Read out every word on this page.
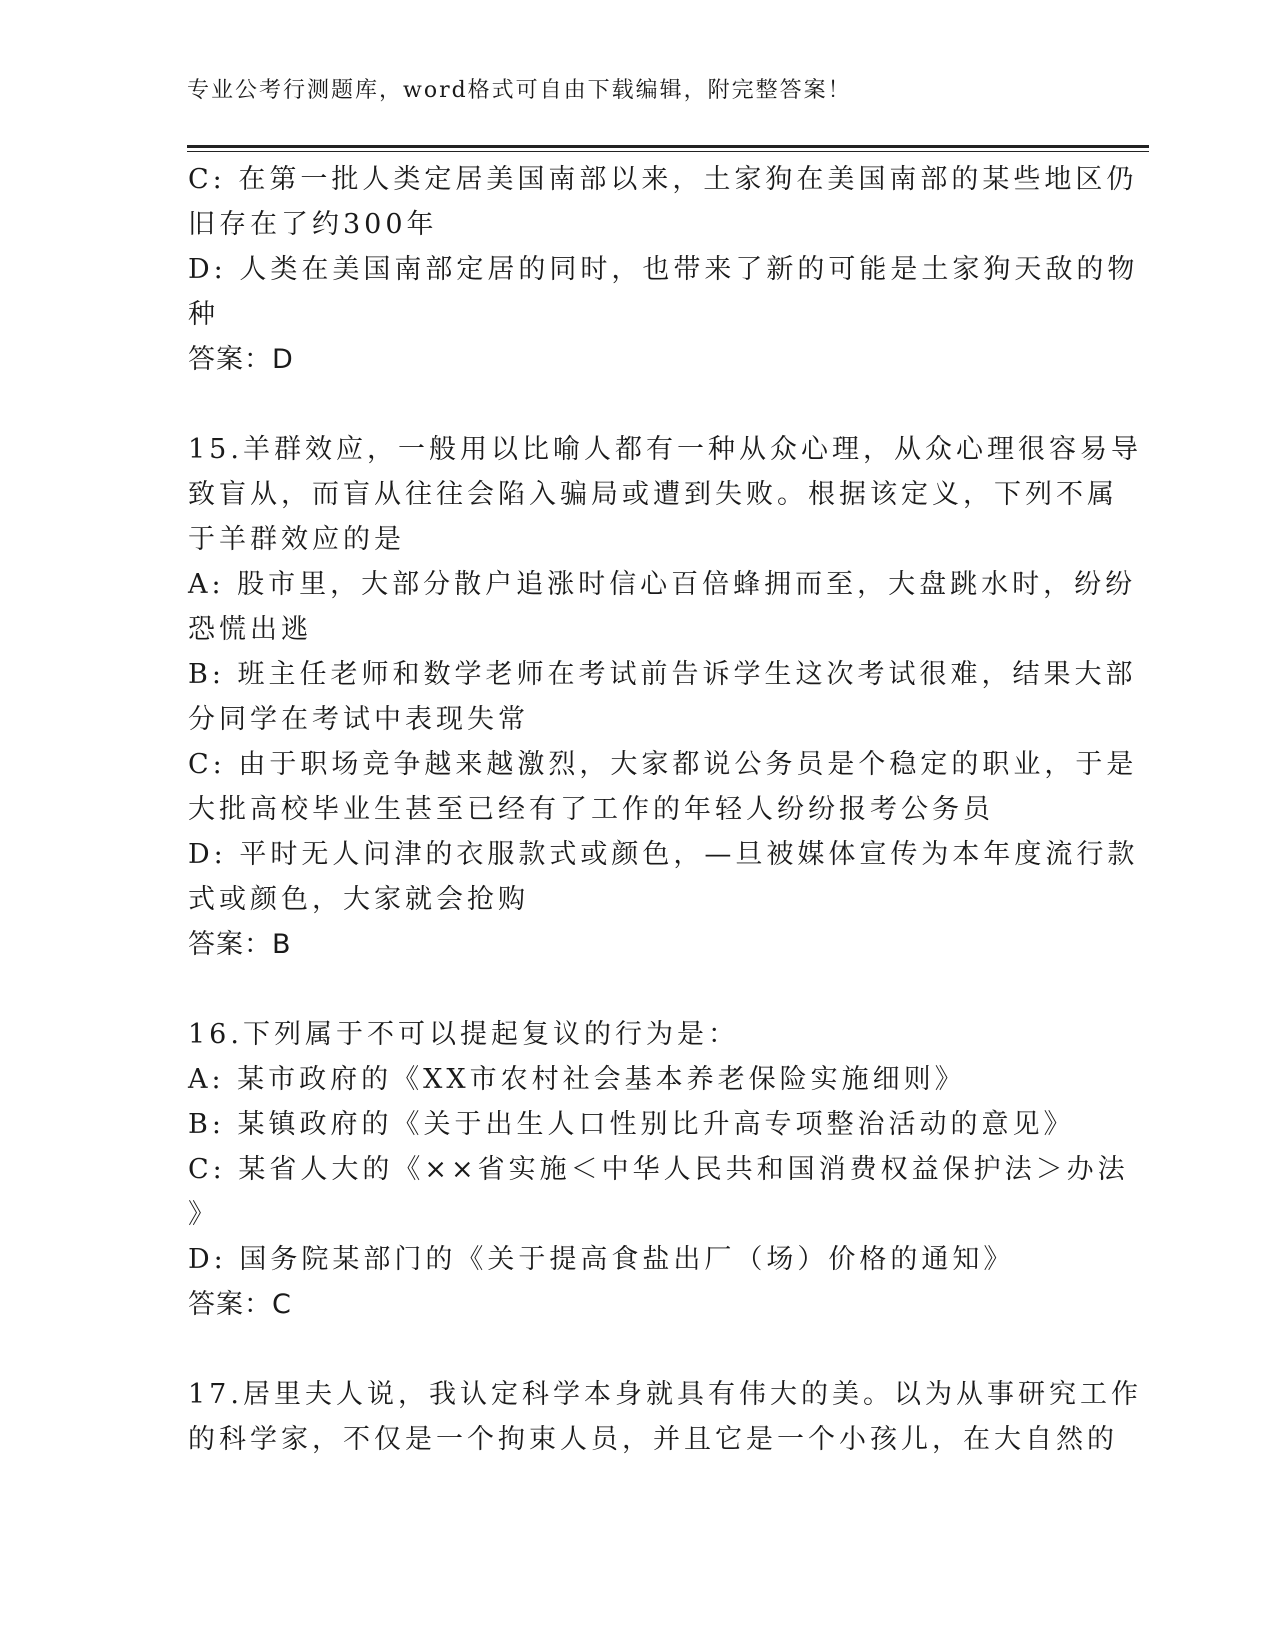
专业公考行测题库，word格式可自由下载编辑，附完整答案！
C: 在第一批人类定居美国南部以来，土家狗在美国南部的某些地区仍
旧存在了约300年
D: 人类在美国南部定居的同时，也带来了新的可能是土家狗天敌的物
种
答案：D
15.羊群效应，一般用以比喻人都有一种从众心理，从众心理很容易导
致盲从，而盲从往往会陷入骗局或遭到失败。根据该定义，下列不属
于羊群效应的是
A: 股市里，大部分散户追涨时信心百倍蜂拥而至，大盘跳水时，纷纷
恐慌出逃
B: 班主任老师和数学老师在考试前告诉学生这次考试很难，结果大部
分同学在考试中表现失常
C: 由于职场竞争越来越激烈，大家都说公务员是个稳定的职业，于是
大批高校毕业生甚至已经有了工作的年轻人纷纷报考公务员
D: 平时无人问津的衣服款式或颜色，—旦被媒体宣传为本年度流行款
式或颜色，大家就会抢购
答案：B
16.下列属于不可以提起复议的行为是：
A: 某市政府的《XX市农村社会基本养老保险实施细则》
B: 某镇政府的《关于出生人口性别比升高专项整治活动的意见》
C: 某省人大的《××省实施＜中华人民共和国消费权益保护法＞办法
》
D: 国务院某部门的《关于提高食盐出厂（场）价格的通知》
答案：C
17.居里夫人说，我认定科学本身就具有伟大的美。以为从事研究工作
的科学家，不仅是一个拘束人员，并且它是一个小孩儿，在大自然的
